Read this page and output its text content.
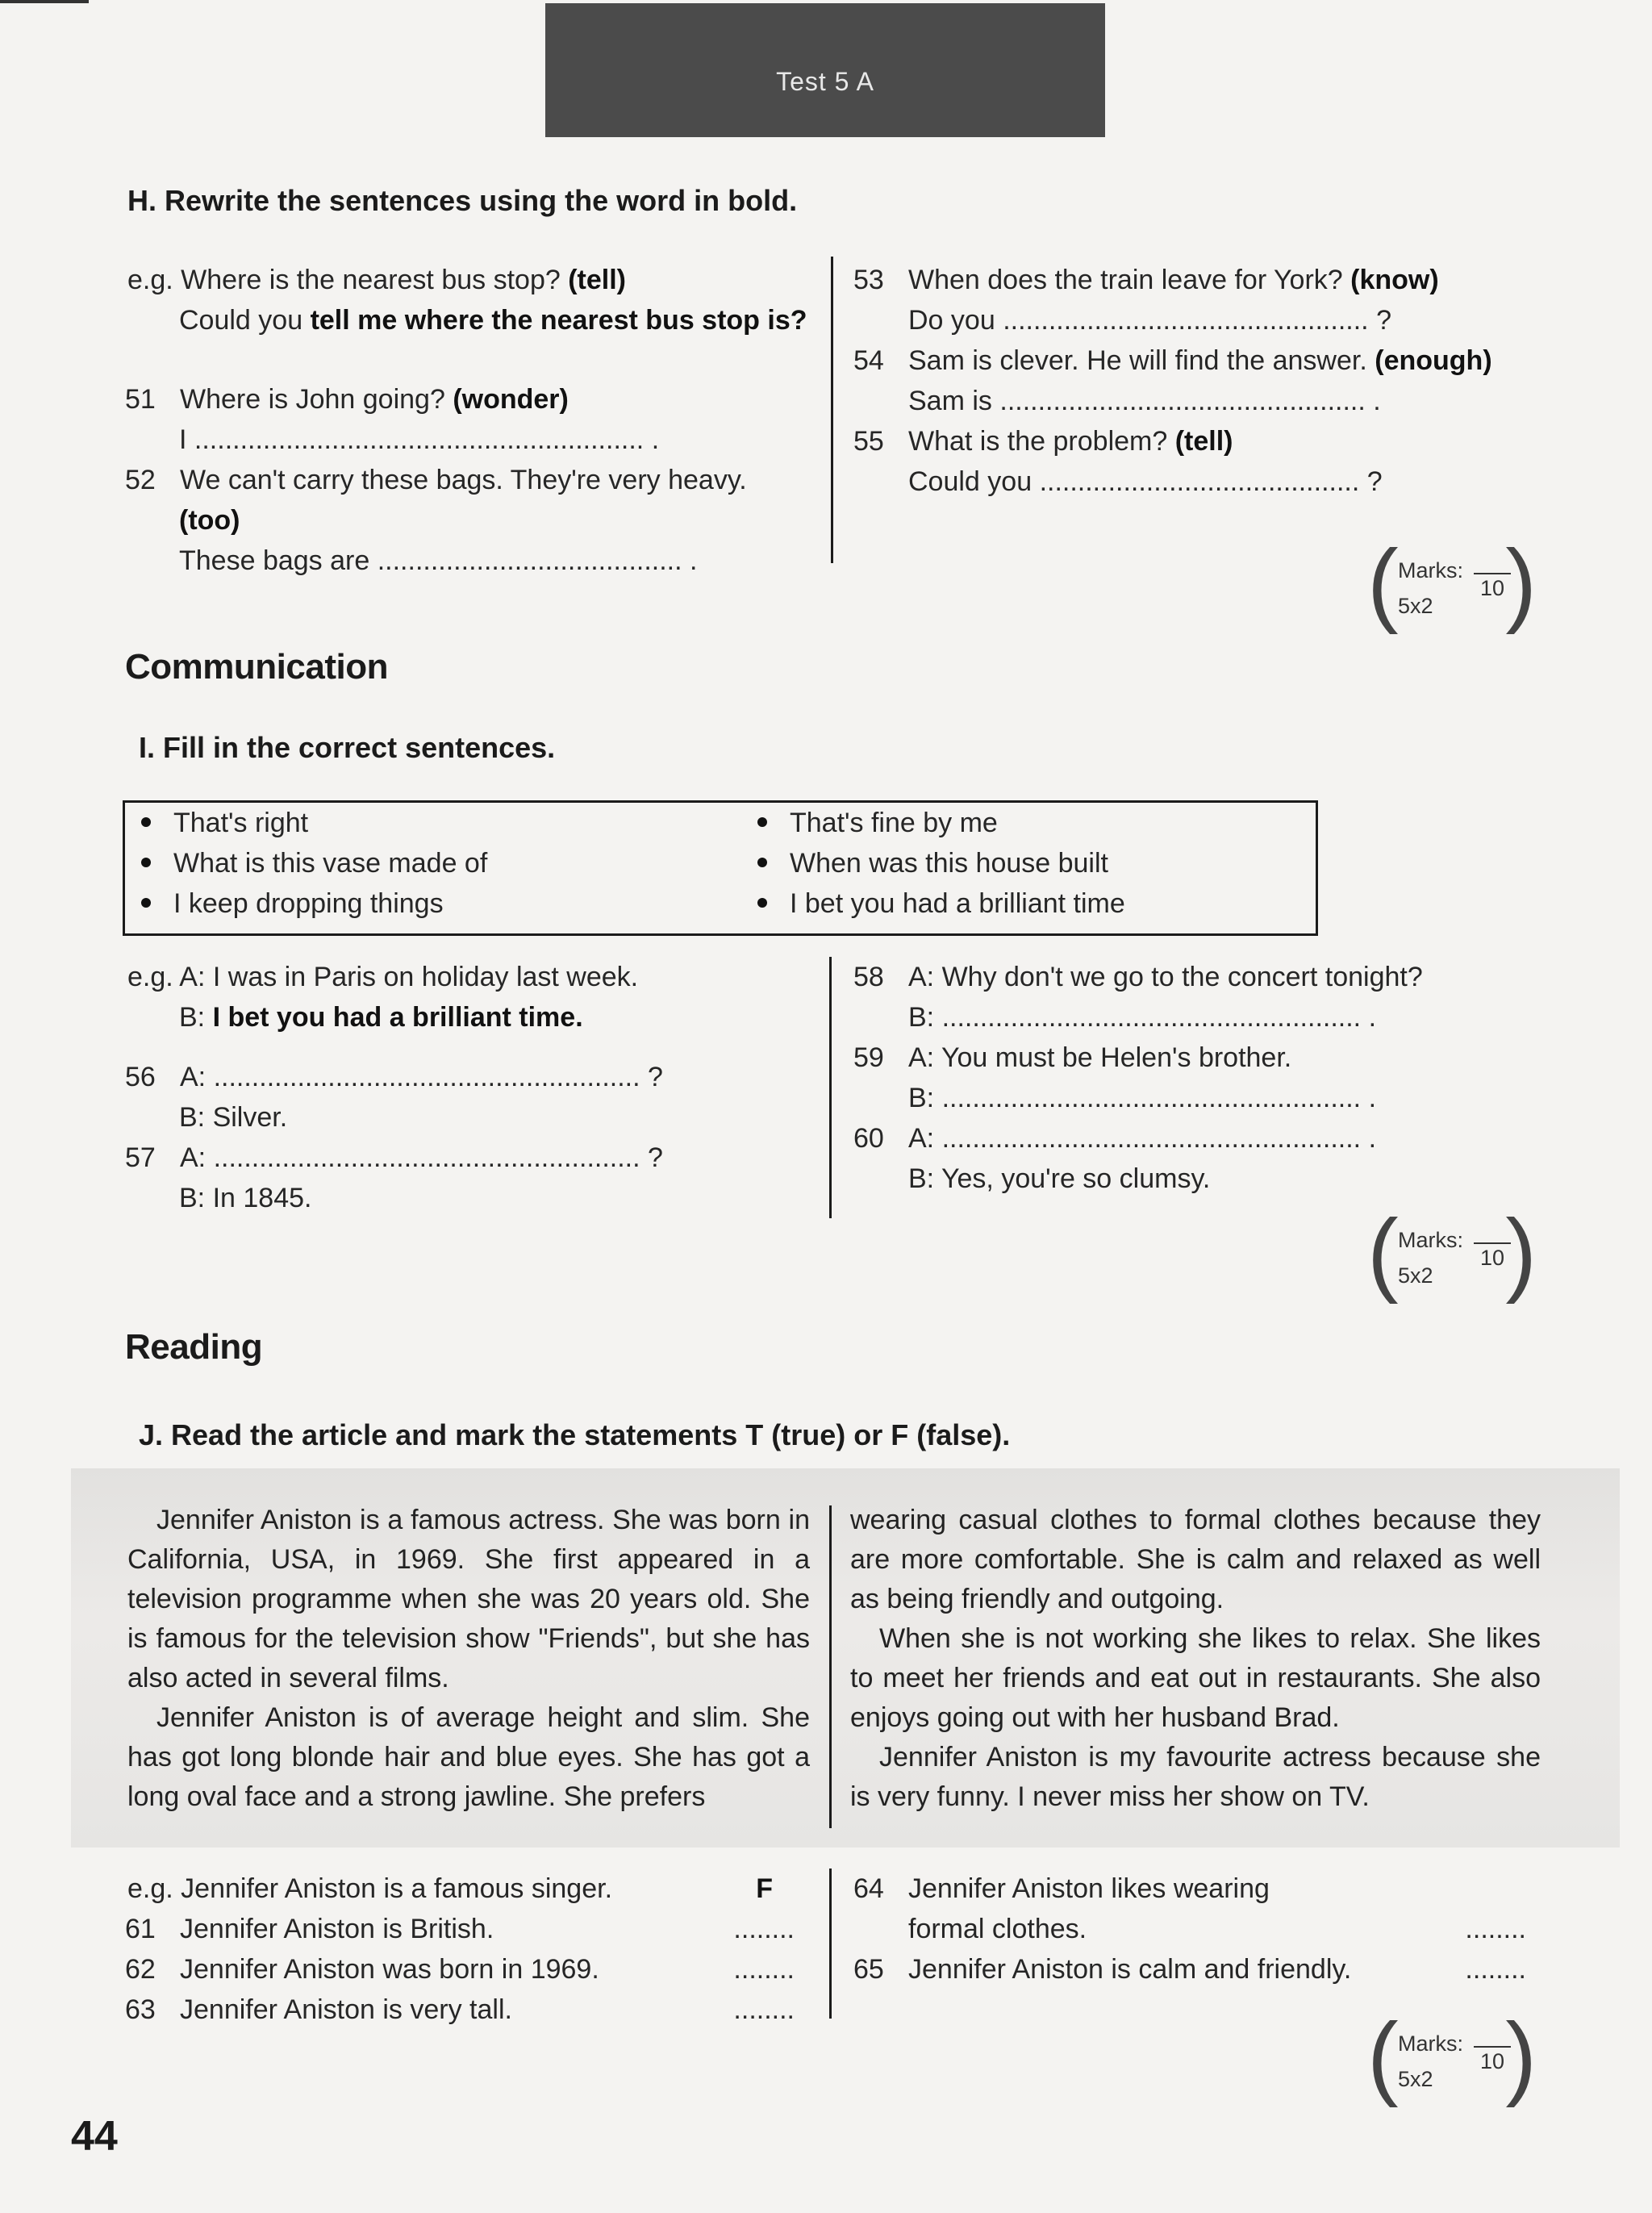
Test 5 A
H. Rewrite the sentences using the word in bold.
e.g. Where is the nearest bus stop? (tell)
Could you tell me where the nearest bus stop is?
51 Where is John going? (wonder)
I ........................................................... .
52 We can't carry these bags. They're very heavy.
(too)
These bags are ........................................ .
53 When does the train leave for York? (know)
Do you ................................................ ?
54 Sam is clever. He will find the answer. (enough)
Sam is ................................................ .
55 What is the problem? (tell)
Could you .......................................... ?
( Marks:
5x2
10 )
Communication
I. Fill in the correct sentences.
That's right
What is this vase made of
I keep dropping things
That's fine by me
When was this house built
I bet you had a brilliant time
e.g. A: I was in Paris on holiday last week.
B: I bet you had a brilliant time.
56 A: ........................................................ ?
B: Silver.
57 A: ........................................................ ?
B: In 1845.
58 A: Why don't we go to the concert tonight?
B: ....................................................... .
59 A: You must be Helen's brother.
B: ....................................................... .
60 A: ....................................................... .
B: Yes, you're so clumsy.
( Marks:
5x2
10 )
Reading
J. Read the article and mark the statements T (true) or F (false).

Jennifer Aniston is a famous actress. She was born in California, USA, in 1969. She first appeared in a television programme when she was 20 years old. She is famous for the television show "Friends", but she has also acted in several films.

Jennifer Aniston is of average height and slim. She has got long blonde hair and blue eyes. She has got a long oval face and a strong jawline. She prefers

wearing casual clothes to formal clothes because they are more comfortable. She is calm and relaxed as well as being friendly and outgoing.

When she is not working she likes to relax. She likes to meet her friends and eat out in restaurants. She also enjoys going out with her husband Brad.

Jennifer Aniston is my favourite actress because she is very funny. I never miss her show on TV.

e.g. Jennifer Aniston is a famous singer.	F
61 Jennifer Aniston is British.	........
62 Jennifer Aniston was born in 1969.	........
63 Jennifer Aniston is very tall.	........
64 Jennifer Aniston likes wearing
formal clothes.	........
65 Jennifer Aniston is calm and friendly.	........
( Marks:
5x2
10 )
44
